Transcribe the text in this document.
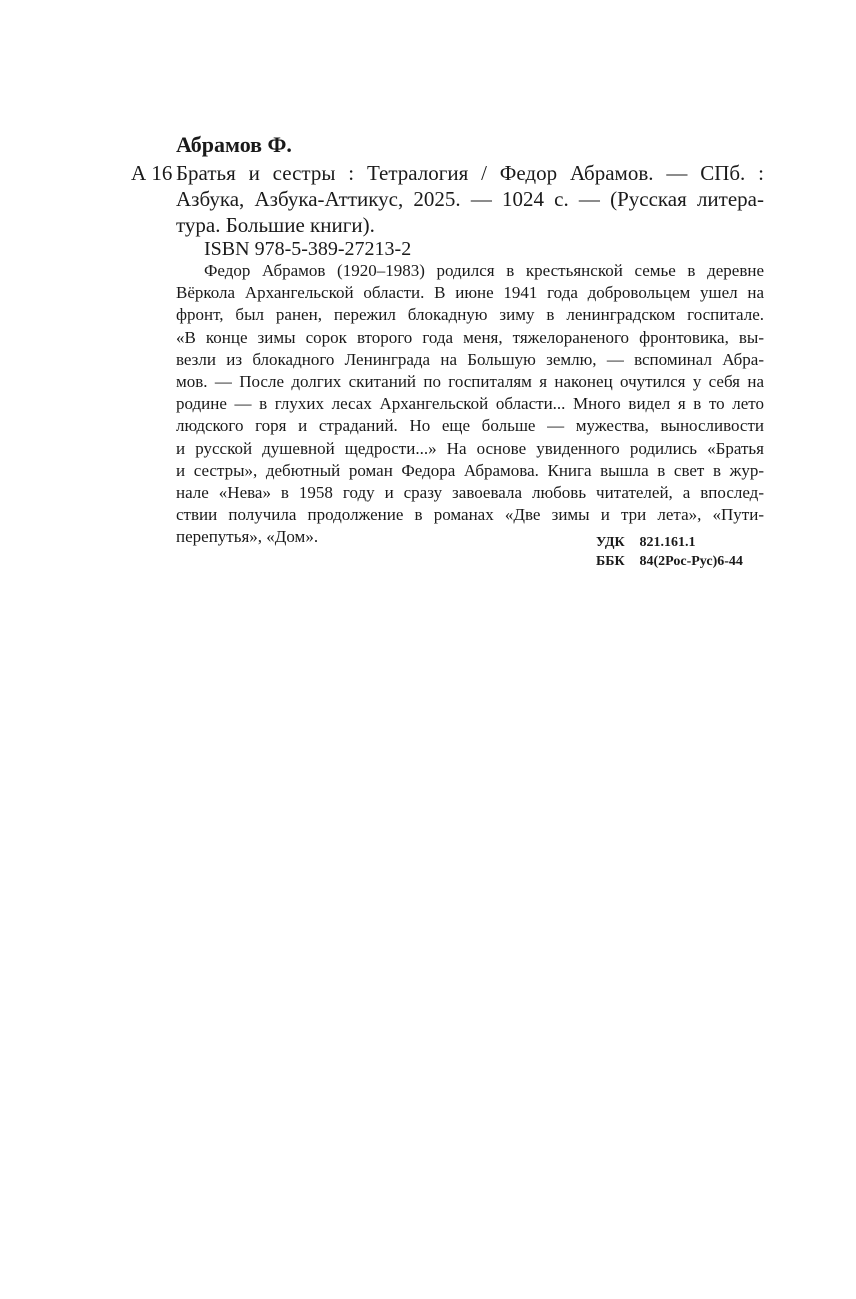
Абрамов Ф.
А 16 Братья и сестры : Тетралогия / Федор Абрамов. — СПб. :
Азбука, Азбука-Аттикус, 2025. — 1024 с. — (Русская литера-
тура. Большие книги).
ISBN 978-5-389-27213-2
Федор Абрамов (1920–1983) родился в крестьянской семье в деревне
Вёркола Архангельской области. В июне 1941 года добровольцем ушел на
фронт, был ранен, пережил блокадную зиму в ленинградском госпитале.
«В конце зимы сорок второго года меня, тяжелораненого фронтовика, вы-
везли из блокадного Ленинграда на Большую землю, — вспоминал Абра-
мов. — После долгих скитаний по госпиталям я наконец очутился у себя на
родине — в глухих лесах Архангельской области... Много видел я в то лето
людского горя и страданий. Но еще больше — мужества, выносливости
и русской душевной щедрости...» На основе увиденного родились «Братья
и сестры», дебютный роман Федора Абрамова. Книга вышла в свет в жур-
нале «Нева» в 1958 году и сразу завоевала любовь читателей, а впослед-
ствии получила продолжение в романах «Две зимы и три лета», «Пути-
перепутья», «Дом».	УДК 821.161.1
ББК 84(2Рос-Рус)6-44
